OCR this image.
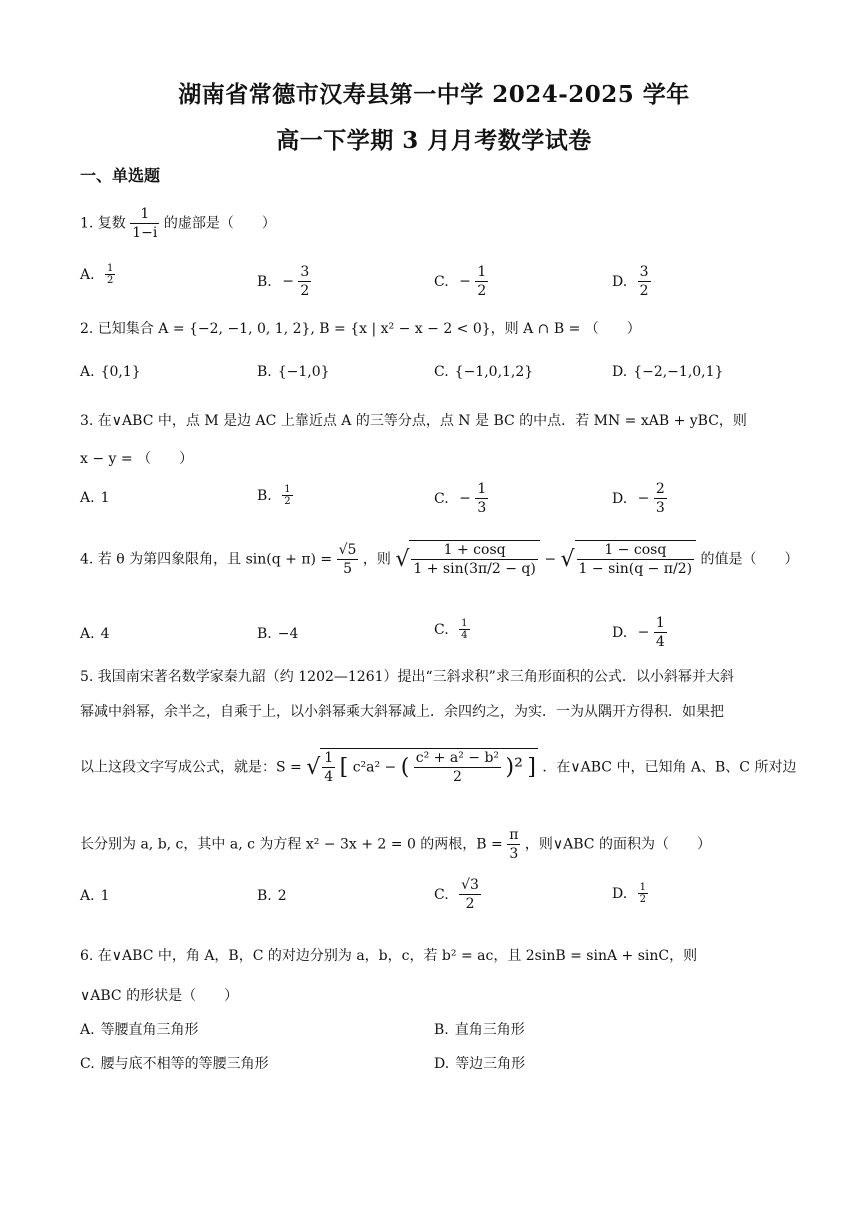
湖南省常德市汉寿县第一中学 2024-2025 学年
高一下学期 3 月月考数学试卷
一、单选题
1. 复数 $\frac{1}{1-i}$ 的虚部是（　　）
A. $\frac{1}{2}$	B. − $\frac{3}{2}$	C. − $\frac{1}{2}$	D. $\frac{3}{2}$
2. 已知集合 A = {−2, −1, 0, 1, 2}, B = {x | x² − x − 2 < 0}，则 A ∩ B = （　　）
A. {0,1}	B. {−1,0}	C. {−1,0,1,2}	D. {−2,−1,0,1}
3. 在∨ABC 中，点 M 是边 AC 上靠近点 A 的三等分点，点 N 是 BC 的中点．若 MN = xAB + yBC，则
x − y = （　　）
A. 1	B. $\frac{1}{2}$	C. − $\frac{1}{3}$	D. − $\frac{2}{3}$
4. 若 θ 为第四象限角，且 $\sin(q + \pi) = \frac{√5}{5}$ ，则 √ $\frac{1 + \cos q}{1 + \sin(3\pi/2 - q)}$ − √ $\frac{1 - \cos q}{1 - \sin(q - \pi/2)}$ 的值是（　　）
A. 4	B. −4	C. $\frac{1}{4}$	D. − $\frac{1}{4}$
5. 我国南宋著名数学家秦九韶（约 1202—1261）提出“三斜求积”求三角形面积的公式．以小斜幂并大斜
幂减中斜幂，余半之，自乘于上，以小斜幂乘大斜幂减上．余四约之，为实．一为从隅开方得积．如果把
以上这段文字写成公式，就是：S = √ $\frac{1}{4}$ [ c²a² − ( $\frac{\text{c² + a² − b²}}{2} )^2$ ] ．在∨ABC 中，已知角 A、B、C 所对边
长分别为 a, b, c，其中 a, c 为方程 x² − 3x + 2 = 0 的两根，$B = \frac{\pi}{3}$ ，则∨ABC 的面积为（　　）
A. 1	B. 2	C. $\frac{√3}{2}$	D. $\frac{1}{2}$
6. 在∨ABC 中，角 A，B，C 的对边分别为 a，b，c，若 b² = ac，且 2sinB = sinA + sinC，则
∨ABC 的形状是（　　）
A. 等腰直角三角形	B. 直角三角形
C. 腰与底不相等的等腰三角形	D. 等边三角形
